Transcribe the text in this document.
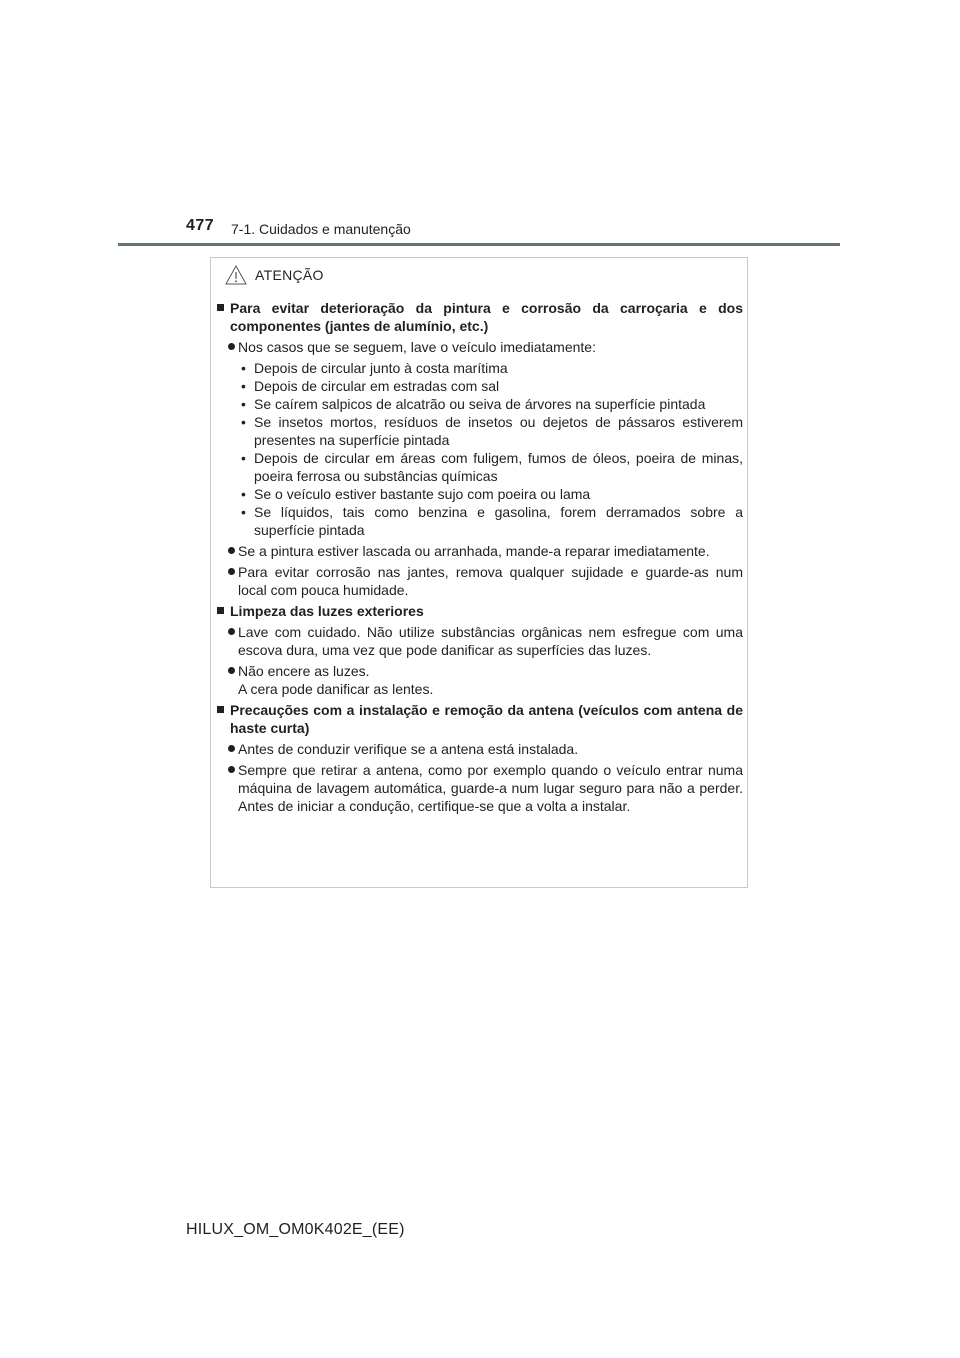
477 7-1. Cuidados e manutenção
ATENÇÃO
Para evitar deterioração da pintura e corrosão da carroçaria e dos componentes (jantes de alumínio, etc.)
Nos casos que se seguem, lave o veículo imediatamente:
• Depois de circular junto à costa marítima
• Depois de circular em estradas com sal
• Se caírem salpicos de alcatrão ou seiva de árvores na superfície pintada
• Se insetos mortos, resíduos de insetos ou dejetos de pássaros estiverem presentes na superfície pintada
• Depois de circular em áreas com fuligem, fumos de óleos, poeira de minas, poeira ferrosa ou substâncias químicas
• Se o veículo estiver bastante sujo com poeira ou lama
• Se líquidos, tais como benzina e gasolina, forem derramados sobre a superfície pintada
Se a pintura estiver lascada ou arranhada, mande-a reparar imediatamente.
Para evitar corrosão nas jantes, remova qualquer sujidade e guarde-as num local com pouca humidade.
Limpeza das luzes exteriores
Lave com cuidado. Não utilize substâncias orgânicas nem esfregue com uma escova dura, uma vez que pode danificar as superfícies das luzes.
Não encere as luzes.
A cera pode danificar as lentes.
Precauções com a instalação e remoção da antena (veículos com antena de haste curta)
Antes de conduzir verifique se a antena está instalada.
Sempre que retirar a antena, como por exemplo quando o veículo entrar numa máquina de lavagem automática, guarde-a num lugar seguro para não a perder. Antes de iniciar a condução, certifique-se que a volta a instalar.
HILUX_OM_OM0K402E_(EE)
